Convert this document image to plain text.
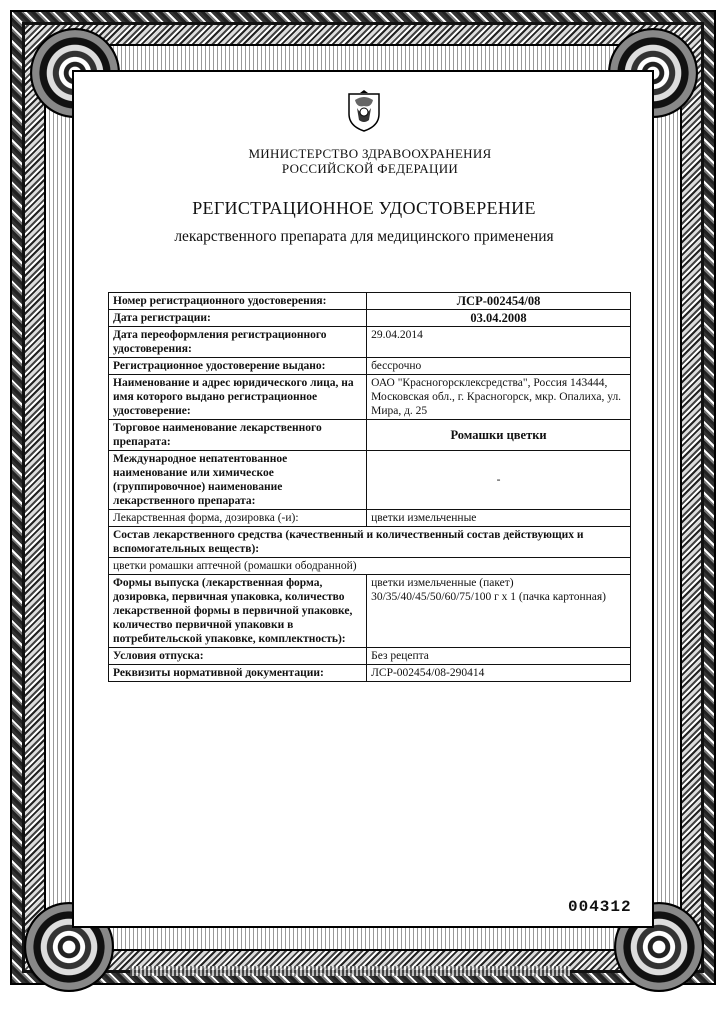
МИНИСТЕРСТВО ЗДРАВООХРАНЕНИЯ
РОССИЙСКОЙ ФЕДЕРАЦИИ
РЕГИСТРАЦИОННОЕ УДОСТОВЕРЕНИЕ
лекарственного препарата для медицинского применения
Номер регистрационного удостоверения:	ЛСР-002454/08
Дата регистрации:	03.04.2008
Дата переоформления регистрационного удостоверения:	29.04.2014
Регистрационное удостоверение выдано:	бессрочно
Наименование и адрес юридического лица, на имя которого выдано регистрационное удостоверение:	ОАО "Красногорсклексредства", Россия 143444, Московская обл., г. Красногорск, мкр. Опалиха, ул. Мира, д. 25
Торговое наименование лекарственного препарата:	Ромашки цветки
Международное непатентованное наименование или химическое (группировочное) наименование лекарственного препарата:	-
Лекарственная форма, дозировка (-и):	цветки измельченные
Состав лекарственного средства (качественный и количественный состав действующих и вспомогательных веществ):	
цветки ромашки аптечной (ромашки ободранной)	
Формы выпуска (лекарственная форма, дозировка, первичная упаковка, количество лекарственной формы в первичной упаковке, количество первичной упаковки в потребительской упаковке, комплектность):	цветки измельченные (пакет) 30/35/40/45/50/60/75/100 г х 1 (пачка картонная)
Условия отпуска:	Без рецепта
Реквизиты нормативной документации:	ЛСР-002454/08-290414
004312
